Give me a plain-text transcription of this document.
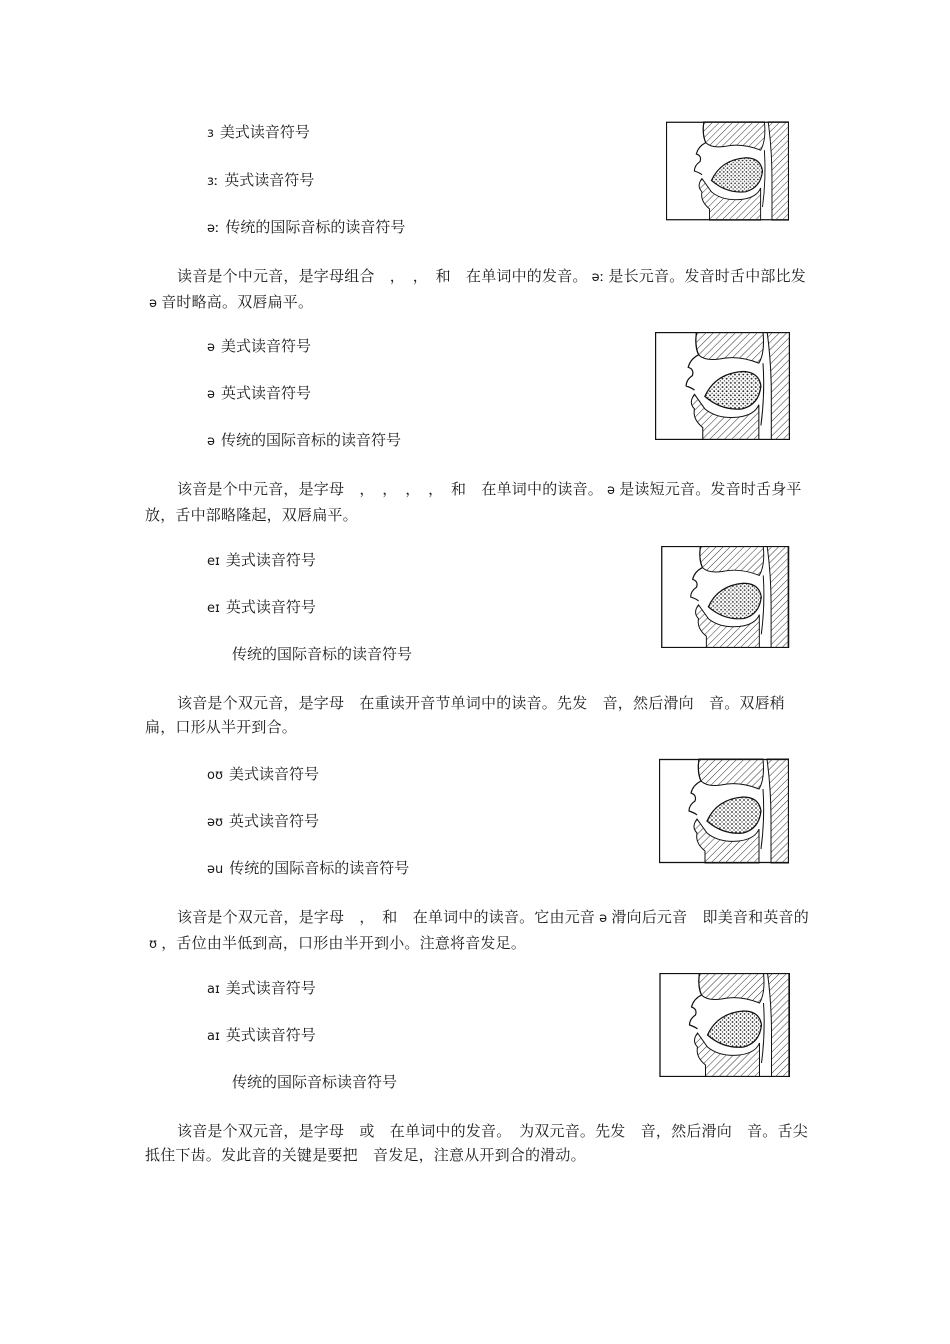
ɜ 美式读音符号
ɜː 英式读音符号
əː 传统的国际音标的读音符号
读音是个中元音，是字母组合　，　，　和　在单词中的发音。 əː 是长元音。发音时舌中部比发ə 音时略高。双唇扁平。
ə 美式读音符号
ə 英式读音符号
ə 传统的国际音标的读音符号
该音是个中元音，是字母　，　，　，　，　和　在单词中的读音。 ə 是读短元音。发音时舌身平放，舌中部略隆起，双唇扁平。
eɪ 美式读音符号
eɪ 英式读音符号
传统的国际音标的读音符号
该音是个双元音，是字母　在重读开音节单词中的读音。先发　音，然后滑向　音。双唇稍扁，口形从半开到合。
oʊ 美式读音符号
əʊ 英式读音符号
əu 传统的国际音标的读音符号
该音是个双元音，是字母　，　和　在单词中的读音。它由元音 ə 滑向后元音　即美音和英音的ʊ ，舌位由半低到高，口形由半开到小。注意将音发足。
aɪ 美式读音符号
aɪ 英式读音符号
传统的国际音标读音符号
该音是个双元音，是字母　或　在单词中的发音。　为双元音。先发　音，然后滑向　音。舌尖抵住下齿。发此音的关键是要把　音发足，注意从开到合的滑动。
